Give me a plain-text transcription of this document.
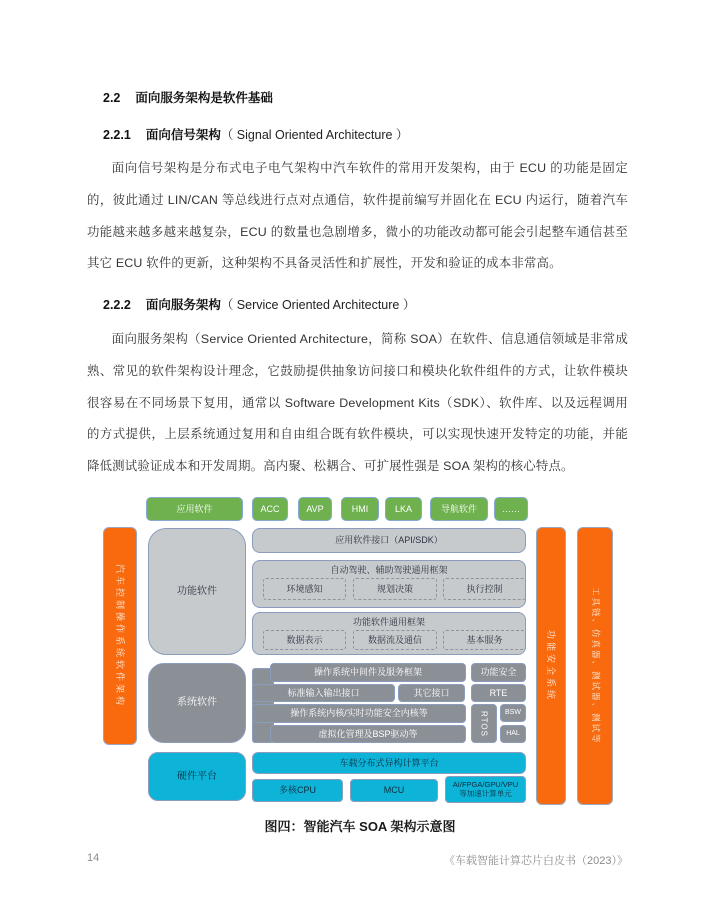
2.2 面向服务架构是软件基础
2.2.1 面向信号架构（ Signal Oriented Architecture ）
面向信号架构是分布式电子电气架构中汽车软件的常用开发架构，由于 ECU 的功能是固定的，彼此通过 LIN/CAN 等总线进行点对点通信，软件提前编写并固化在 ECU 内运行，随着汽车功能越来越多越来越复杂，ECU 的数量也急剧增多，微小的功能改动都可能会引起整车通信甚至其它 ECU 软件的更新，这种架构不具备灵活性和扩展性，开发和验证的成本非常高。
2.2.2 面向服务架构（ Service Oriented Architecture ）
面向服务架构（Service Oriented Architecture，简称 SOA）在软件、信息通信领域是非常成熟、常见的软件架构设计理念，它鼓励提供抽象访问接口和模块化软件组件的方式，让软件模块很容易在不同场景下复用，通常以 Software Development Kits（SDK）、软件库、以及远程调用的方式提供，上层系统通过复用和自由组合既有软件模块，可以实现快速开发特定的功能，并能降低测试验证成本和开发周期。高内聚、松耦合、可扩展性强是 SOA 架构的核心特点。
应用软件	ACC	AVP	HMI	LKA	导航软件	……
汽车控制操作系统软件架构	功能软件
系统软件
硬件平台
应用软件接口（API/SDK）
自动驾驶、辅助驾驶通用框架
环境感知	规划决策	执行控制
功能软件通用框架
数据表示	数据流及通信	基本服务
操作系统中间件及服务框架	功能安全
标准输入输出接口	其它接口	RTE
操作系统内核/实时功能安全内核等	RTOS	BSW
HAL
虚拟化管理及BSP驱动等
车载分布式异构计算平台
多核CPU	MCU
AI/FPGA/GPU/VPU 等加速计算单元
功能安全系统	工具链、仿真器、测试器、测试等
图四：智能汽车 SOA 架构示意图
14	《车载智能计算芯片白皮书（2023）》
